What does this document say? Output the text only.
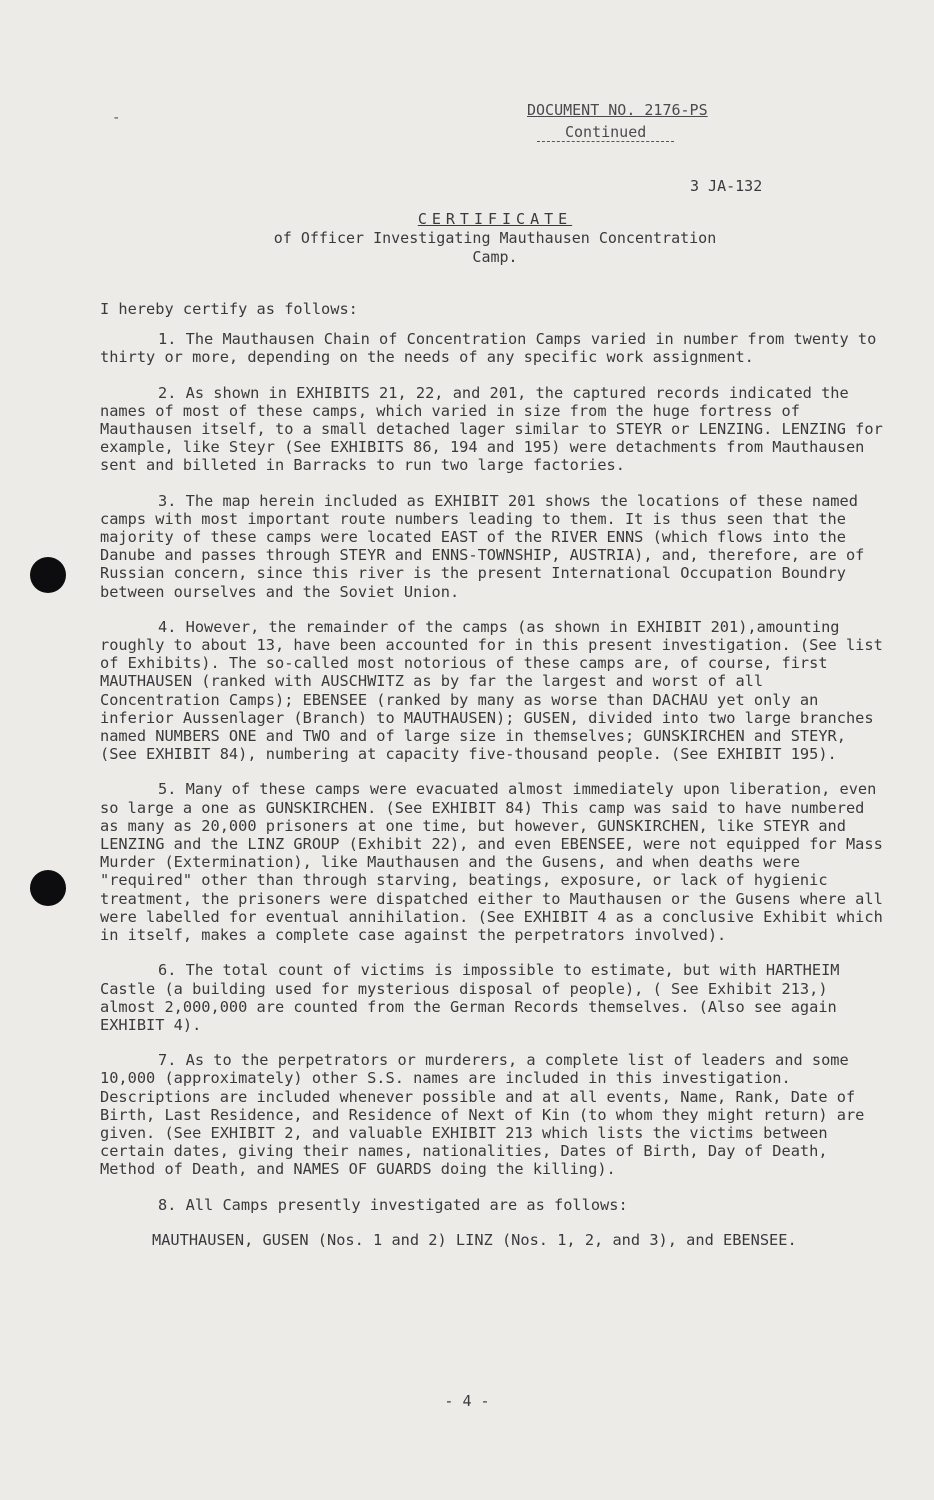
-	DOCUMENT NO. 2176-PS
Continued
3 JA-132
CERTIFICATE
of Officer Investigating Mauthausen Concentration
Camp.

I hereby certify as follows:

1. The Mauthausen Chain of Concentration Camps varied in number from twenty to thirty or more, depending on the needs of any specific work assignment.

2. As shown in EXHIBITS 21, 22, and 201, the captured records indicated the names of most of these camps, which varied in size from the huge fortress of Mauthausen itself, to a small detached lager similar to STEYR or LENZING. LENZING for example, like Steyr (See EXHIBITS 86, 194 and 195) were detachments from Mauthausen sent and billeted in Barracks to run two large factories.

3. The map herein included as EXHIBIT 201 shows the locations of these named camps with most important route numbers leading to them. It is thus seen that the majority of these camps were located EAST of the RIVER ENNS (which flows into the Danube and passes through STEYR and ENNS-TOWNSHIP, AUSTRIA), and, therefore, are of Russian concern, since this river is the present International Occupation Boundry between ourselves and the Soviet Union.

4. However, the remainder of the camps (as shown in EXHIBIT 201),amounting roughly to about 13, have been accounted for in this present investigation. (See list of Exhibits). The so-called most notorious of these camps are, of course, first MAUTHAUSEN (ranked with AUSCHWITZ as by far the largest and worst of all Concentration Camps); EBENSEE (ranked by many as worse than DACHAU yet only an inferior Aussenlager (Branch) to MAUTHAUSEN); GUSEN, divided into two large branches named NUMBERS ONE and TWO and of large size in themselves; GUNSKIRCHEN and STEYR, (See EXHIBIT 84), numbering at capacity five-thousand people. (See EXHIBIT 195).

5. Many of these camps were evacuated almost immediately upon liberation, even so large a one as GUNSKIRCHEN. (See EXHIBIT 84) This camp was said to have numbered as many as 20,000 prisoners at one time, but however, GUNSKIRCHEN, like STEYR and LENZING and the LINZ GROUP (Exhibit 22), and even EBENSEE, were not equipped for Mass Murder (Extermination), like Mauthausen and the Gusens, and when deaths were "required" other than through starving, beatings, exposure, or lack of hygienic treatment, the prisoners were dispatched either to Mauthausen or the Gusens where all were labelled for eventual annihilation. (See EXHIBIT 4 as a conclusive Exhibit which in itself, makes a complete case against the perpetrators involved).

6. The total count of victims is impossible to estimate, but with HARTHEIM Castle (a building used for mysterious disposal of people), ( See Exhibit 213,) almost 2,000,000 are counted from the German Records themselves. (Also see again EXHIBIT 4).

7. As to the perpetrators or murderers, a complete list of leaders and some 10,000 (approximately) other S.S. names are included in this investigation. Descriptions are included whenever possible and at all events, Name, Rank, Date of Birth, Last Residence, and Residence of Next of Kin (to whom they might return) are given. (See EXHIBIT 2, and valuable EXHIBIT 213 which lists the victims between certain dates, giving their names, nationalities, Dates of Birth, Day of Death, Method of Death, and NAMES OF GUARDS doing the killing).

8. All Camps presently investigated are as follows:

MAUTHAUSEN, GUSEN (Nos. 1 and 2) LINZ (Nos. 1, 2, and 3), and EBENSEE.

- 4 -
